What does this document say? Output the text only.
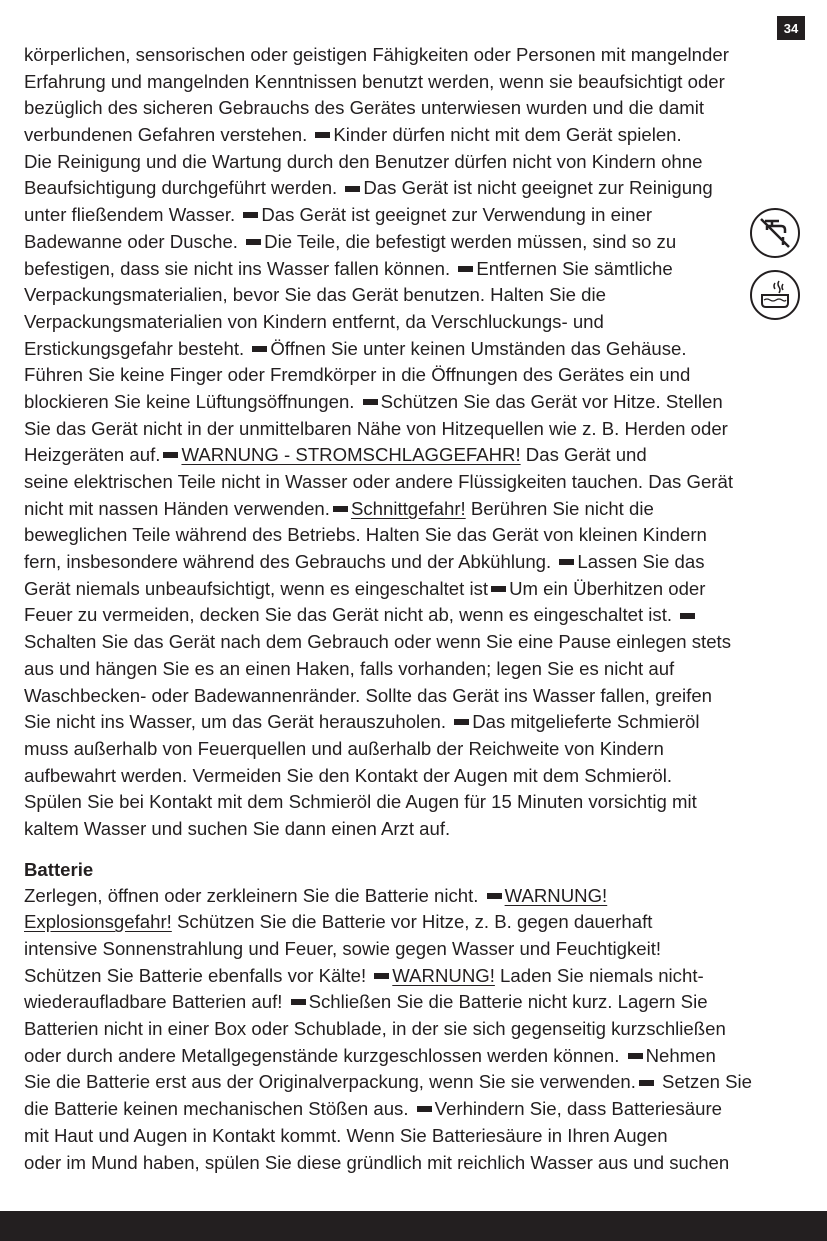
34
körperlichen, sensorischen oder geistigen Fähigkeiten oder Personen mit mangelnder
Erfahrung und mangelnden Kenntnissen benutzt werden, wenn sie beaufsichtigt oder
bezüglich des sicheren Gebrauchs des Gerätes unterwiesen wurden und die damit
verbundenen Gefahren verstehen. Kinder dürfen nicht mit dem Gerät spielen.
Die Reinigung und die Wartung durch den Benutzer dürfen nicht von Kindern ohne
Beaufsichtigung durchgeführt werden. Das Gerät ist nicht geeignet zur Reinigung
unter fließendem Wasser. Das Gerät ist geeignet zur Verwendung in einer
Badewanne oder Dusche. Die Teile, die befestigt werden müssen, sind so zu
befestigen, dass sie nicht ins Wasser fallen können. Entfernen Sie sämtliche
Verpackungsmaterialien, bevor Sie das Gerät benutzen. Halten Sie die
Verpackungsmaterialien von Kindern entfernt, da Verschluckungs- und
Erstickungsgefahr besteht. Öffnen Sie unter keinen Umständen das Gehäuse.
Führen Sie keine Finger oder Fremdkörper in die Öffnungen des Gerätes ein und
blockieren Sie keine Lüftungsöffnungen. Schützen Sie das Gerät vor Hitze. Stellen
Sie das Gerät nicht in der unmittelbaren Nähe von Hitzequellen wie z. B. Herden oder
Heizgeräten auf. WARNUNG - STROMSCHLAGGEFAHR! Das Gerät und
seine elektrischen Teile nicht in Wasser oder andere Flüssigkeiten tauchen. Das Gerät
nicht mit nassen Händen verwenden. Schnittgefahr! Berühren Sie nicht die
beweglichen Teile während des Betriebs. Halten Sie das Gerät von kleinen Kindern
fern, insbesondere während des Gebrauchs und der Abkühlung. Lassen Sie das
Gerät niemals unbeaufsichtigt, wenn es eingeschaltet ist Um ein Überhitzen oder
Feuer zu vermeiden, decken Sie das Gerät nicht ab, wenn es eingeschaltet ist.
Schalten Sie das Gerät nach dem Gebrauch oder wenn Sie eine Pause einlegen stets
aus und hängen Sie es an einen Haken, falls vorhanden; legen Sie es nicht auf
Waschbecken- oder Badewannenränder. Sollte das Gerät ins Wasser fallen, greifen
Sie nicht ins Wasser, um das Gerät herauszuholen. Das mitgelieferte Schmieröl
muss außerhalb von Feuerquellen und außerhalb der Reichweite von Kindern
aufbewahrt werden. Vermeiden Sie den Kontakt der Augen mit dem Schmieröl.
Spülen Sie bei Kontakt mit dem Schmieröl die Augen für 15 Minuten vorsichtig mit
kaltem Wasser und suchen Sie dann einen Arzt auf.
Batterie
Zerlegen, öffnen oder zerkleinern Sie die Batterie nicht. WARNUNG!
Explosionsgefahr! Schützen Sie die Batterie vor Hitze, z. B. gegen dauerhaft
intensive Sonnenstrahlung und Feuer, sowie gegen Wasser und Feuchtigkeit!
Schützen Sie Batterie ebenfalls vor Kälte! WARNUNG! Laden Sie niemals nicht-
wiederaufladbare Batterien auf! Schließen Sie die Batterie nicht kurz. Lagern Sie
Batterien nicht in einer Box oder Schublade, in der sie sich gegenseitig kurzschließen
oder durch andere Metallgegenstände kurzgeschlossen werden können. Nehmen
Sie die Batterie erst aus der Originalverpackung, wenn Sie sie verwenden. Setzen Sie
die Batterie keinen mechanischen Stößen aus. Verhindern Sie, dass Batteriesäure
mit Haut und Augen in Kontakt kommt. Wenn Sie Batteriesäure in Ihren Augen
oder im Mund haben, spülen Sie diese gründlich mit reichlich Wasser aus und suchen
